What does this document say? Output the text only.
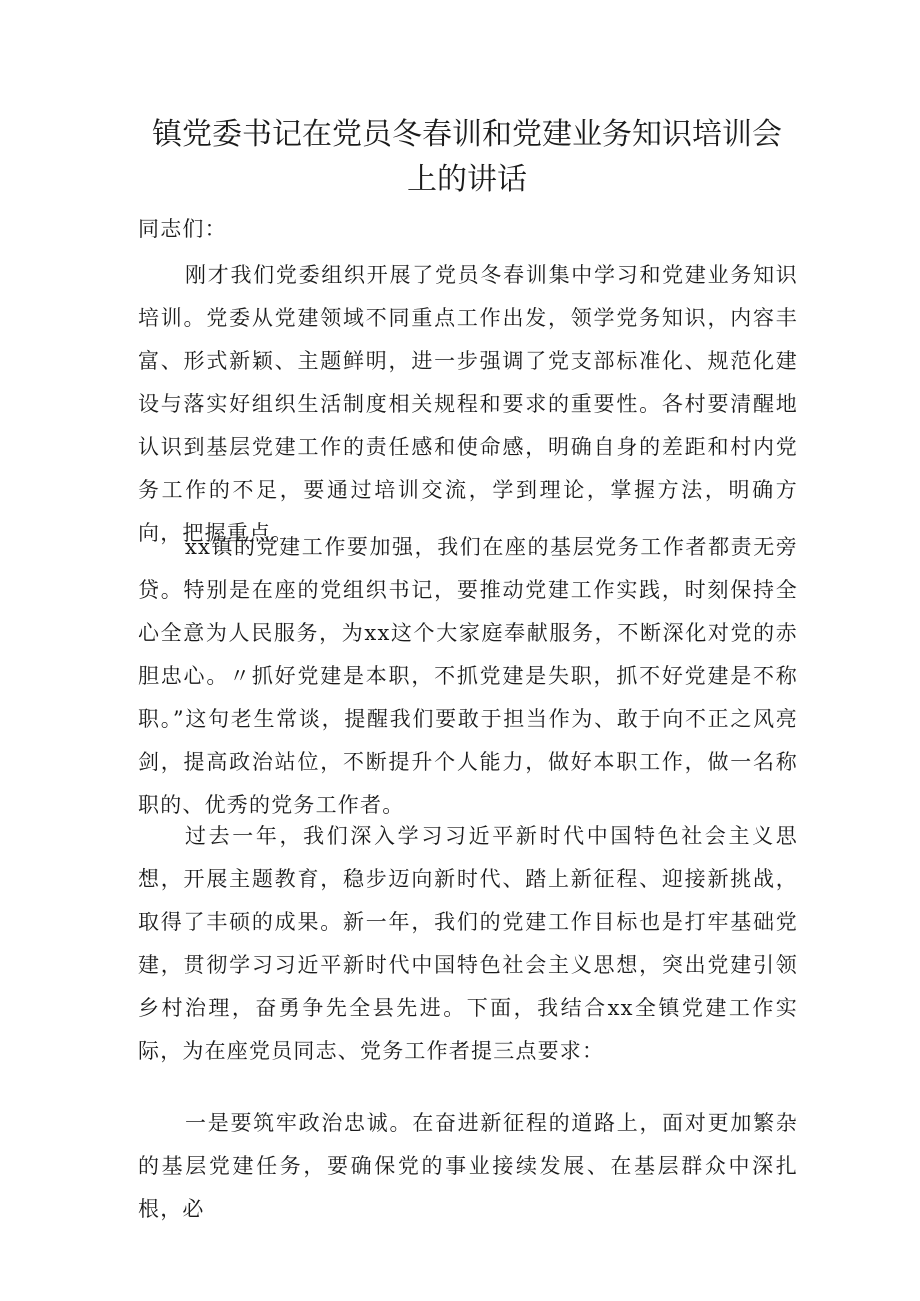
镇党委书记在党员冬春训和党建业务知识培训会上的讲话

同志们：

刚才我们党委组织开展了党员冬春训集中学习和党建业务知识培训。党委从党建领域不同重点工作出发，领学党务知识，内容丰富、形式新颖、主题鲜明，进一步强调了党支部标准化、规范化建设与落实好组织生活制度相关规程和要求的重要性。各村要清醒地认识到基层党建工作的责任感和使命感，明确自身的差距和村内党务工作的不足，要通过培训交流，学到理论，掌握方法，明确方向，把握重点。

xx镇的党建工作要加强，我们在座的基层党务工作者都责无旁贷。特别是在座的党组织书记，要推动党建工作实践，时刻保持全心全意为人民服务，为xx这个大家庭奉献服务，不断深化对党的赤胆忠心。〃抓好党建是本职，不抓党建是失职，抓不好党建是不称职。”这句老生常谈，提醒我们要敢于担当作为、敢于向不正之风亮剑，提高政治站位，不断提升个人能力，做好本职工作，做一名称职的、优秀的党务工作者。

过去一年，我们深入学习习近平新时代中国特色社会主义思想，开展主题教育，稳步迈向新时代、踏上新征程、迎接新挑战，取得了丰硕的成果。新一年，我们的党建工作目标也是打牢基础党建，贯彻学习习近平新时代中国特色社会主义思想，突出党建引领乡村治理，奋勇争先全县先进。下面，我结合xx全镇党建工作实际，为在座党员同志、党务工作者提三点要求：

一是要筑牢政治忠诚。在奋进新征程的道路上，面对更加繁杂的基层党建任务，要确保党的事业接续发展、在基层群众中深扎根，必
